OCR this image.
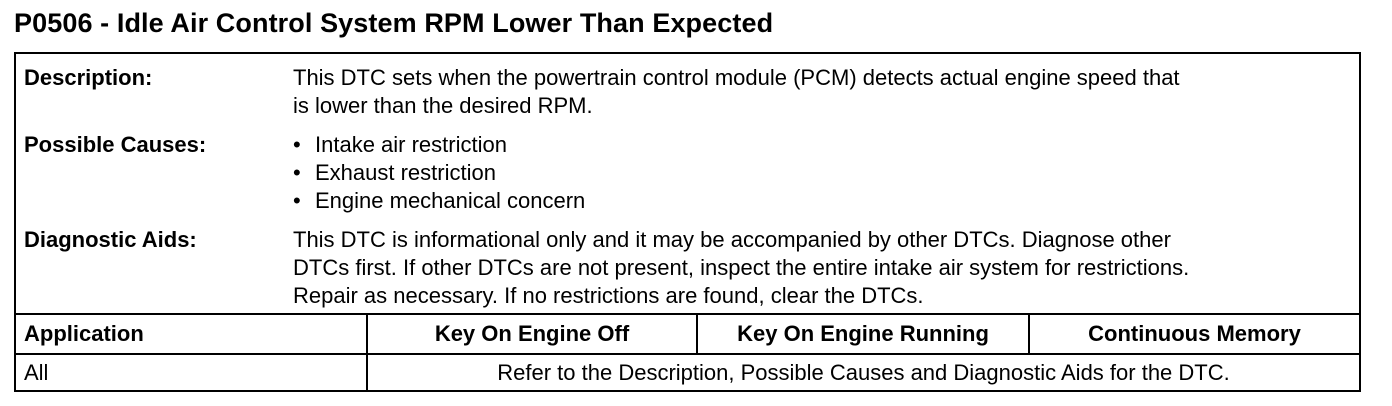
P0506 - Idle Air Control System RPM Lower Than Expected
Description:	This DTC sets when the powertrain control module (PCM) detects actual engine speed that
is lower than the desired RPM.
Possible Causes:	• Intake air restriction
• Exhaust restriction
• Engine mechanical concern
Diagnostic Aids:	This DTC is informational only and it may be accompanied by other DTCs. Diagnose other
DTCs first. If other DTCs are not present, inspect the entire intake air system for restrictions.
Repair as necessary. If no restrictions are found, clear the DTCs.
Application	Key On Engine Off	Key On Engine Running	Continuous Memory
All	Refer to the Description, Possible Causes and Diagnostic Aids for the DTC.
